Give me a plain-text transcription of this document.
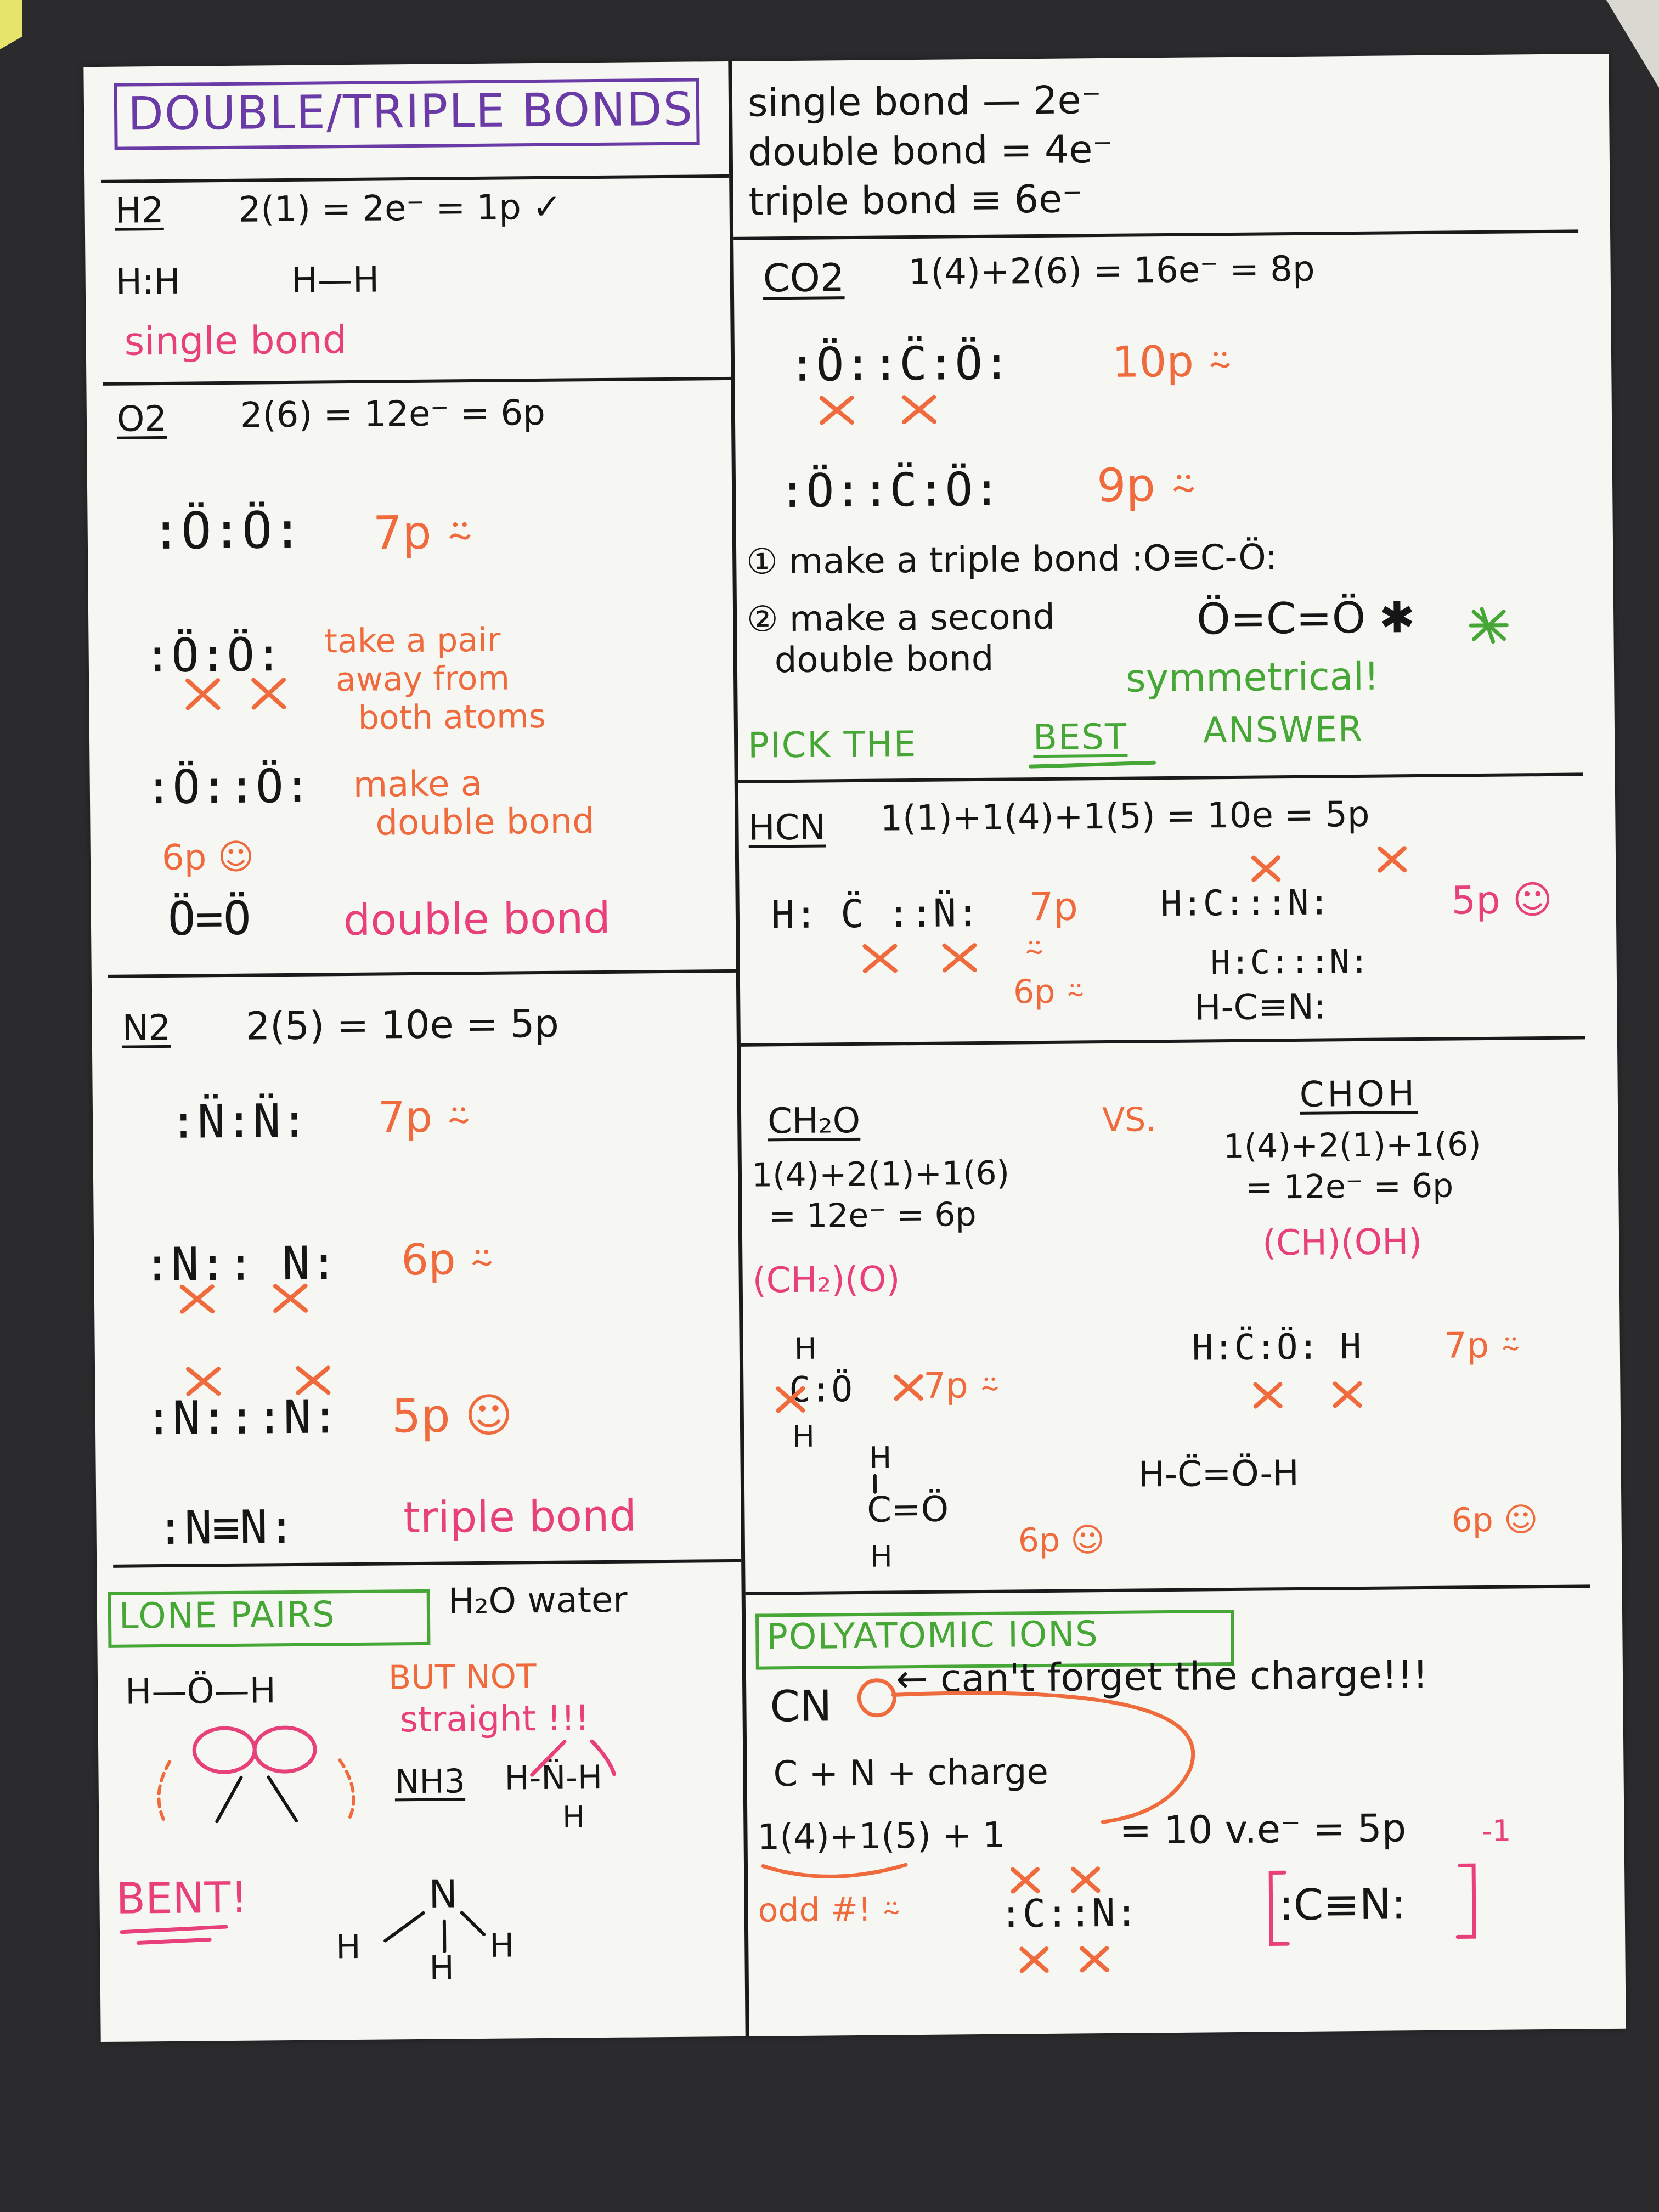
DOUBLE/TRIPLE BONDS single bond — 2e⁻
double bond = 4e⁻
triple bond ≡ 6e⁻
H2 2(1) = 2e⁻ = 1p ✓
H:H	H—H
single bond
O2 2(6) = 12e⁻ = 6p
:Ö:Ö: 7p ⍨
:Ö:Ö: take a pair
away from
both atoms
:Ö::Ö: make a
double bond
6p ☺
Ö=Ö double bond
N2 2(5) = 10e = 5p
:N̈:N̈: 7p ⍨
:N:: N: 6p ⍨
:N:::N: 5p ☺
:N≡N:	triple bond
LONE PAIRS	H₂O water
H—Ö—H
BENT!
BUT NOT
straight !!!
NH3 H-N̈-H
H
N
H
H
H
CO2 1(4)+2(6) = 16e⁻ = 8p
:Ö::C̈:Ö: 10p ⍨
:Ö::C̈:Ö: 9p ⍨
① make a triple bond :O≡C-Ö:
② make a second
double bond
Ö=C=Ö ✱
symmetrical!
PICK THE	BEST ANSWER
HCN 1(1)+1(4)+1(5) = 10e = 5p
H: C̈ ::N̈: 7p
⍨
6p ⍨
H:C:::N:	5p ☺
H:C:::N:
H-C≡N:
CH₂O
1(4)+2(1)+1(6)
= 12e⁻ = 6p
(CH₂)(O)
VS.
H
C:Ö 7p ⍨
H
H
C=Ö
H	6p ☺
CHOH
1(4)+2(1)+1(6)
= 12e⁻ = 6p
(CH)(OH)
H:C̈:Ö: H 7p ⍨
H-C̈=Ö-H
6p ☺
POLYATOMIC IONS
CN
← can't forget the charge!!!
C + N + charge
1(4)+1(5) + 1	= 10 v.e⁻ = 5p
odd #! ⍨	:C::N:	:C≡N:
-1
